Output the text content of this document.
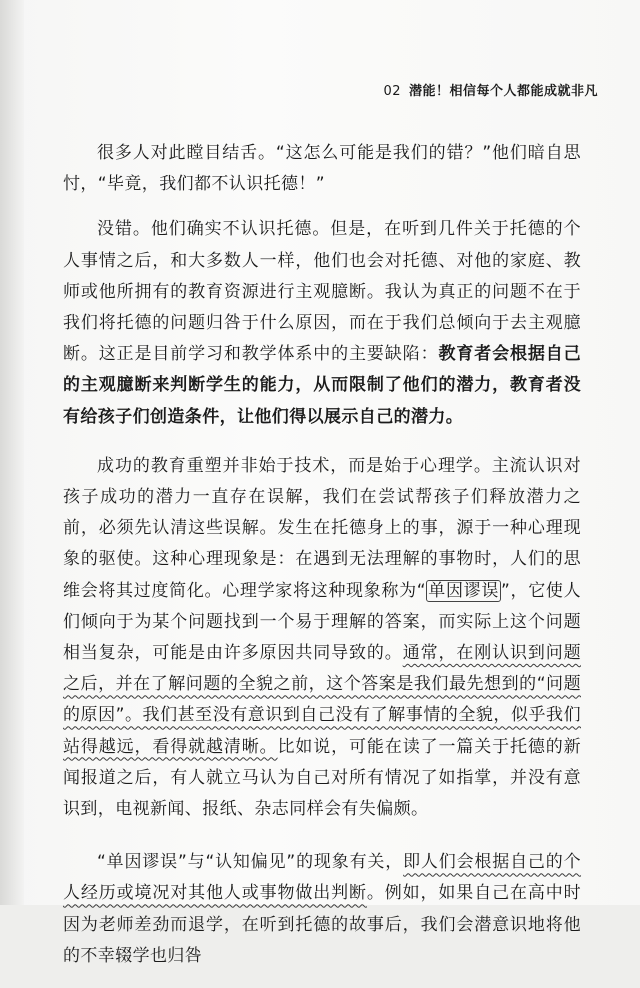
02 潜能！相信每个人都能成就非凡

很多人对此瞠目结舌。“这怎么可能是我们的错？”他们暗自思忖，“毕竟，我们都不认识托德！”

没错。他们确实不认识托德。但是，在听到几件关于托德的个人事情之后，和大多数人一样，他们也会对托德、对他的家庭、教师或他所拥有的教育资源进行主观臆断。我认为真正的问题不在于我们将托德的问题归咎于什么原因，而在于我们总倾向于去主观臆断。这正是目前学习和教学体系中的主要缺陷：教育者会根据自己的主观臆断来判断学生的能力，从而限制了他们的潜力，教育者没有给孩子们创造条件，让他们得以展示自己的潜力。

成功的教育重塑并非始于技术，而是始于心理学。主流认识对孩子成功的潜力一直存在误解，我们在尝试帮孩子们释放潜力之前，必须先认清这些误解。发生在托德身上的事，源于一种心理现象的驱使。这种心理现象是：在遇到无法理解的事物时，人们的思维会将其过度简化。心理学家将这种现象称为“ 单因谬误 ”，它使人们倾向于为某个问题找到一个易于理解的答案，而实际上这个问题相当复杂，可能是由许多原因共同导致的。通常，在刚认识到问题之后，并在了解问题的全貌之前，这个答案是我们最先想到的“问题的原因”。我们甚至没有意识到自己没有了解事情的全貌，似乎我们站得越远，看得就越清晰。比如说，可能在读了一篇关于托德的新闻报道之后，有人就立马认为自己对所有情况了如指掌，并没有意识到，电视新闻、报纸、杂志同样会有失偏颇。

“单因谬误”与“认知偏见”的现象有关，即人们会根据自己的个人经历或境况对其他人或事物做出判断。例如，如果自己在高中时因为老师差劲而退学，在听到托德的故事后，我们会潜意识地将他的不幸辍学也归咎
